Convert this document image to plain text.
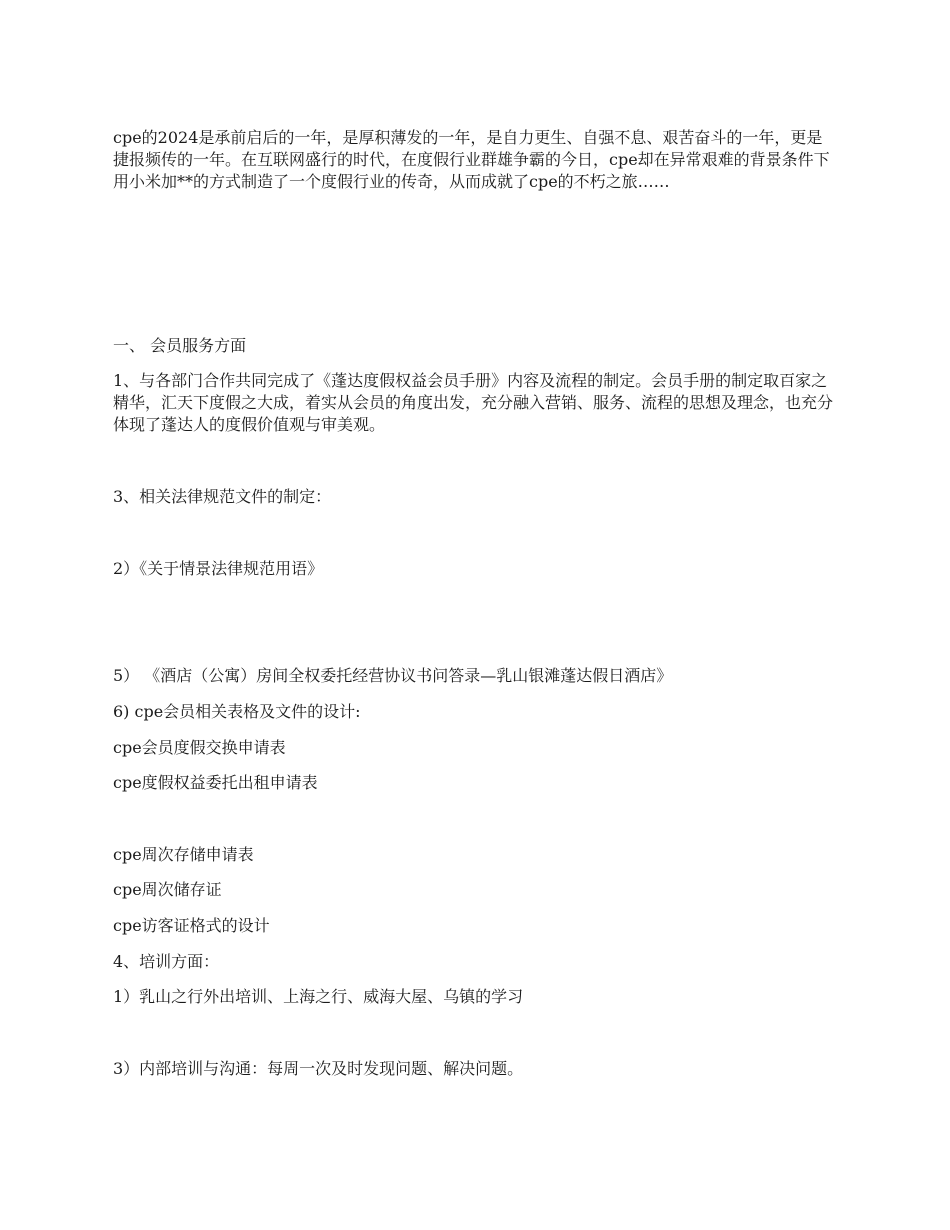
cpe的2024是承前启后的一年，是厚积薄发的一年，是自力更生、自强不息、艰苦奋斗的一年，更是捷报频传的一年。在互联网盛行的时代，在度假行业群雄争霸的今日，cpe却在异常艰难的背景条件下用小米加**的方式制造了一个度假行业的传奇，从而成就了cpe的不朽之旅……

一、 会员服务方面

1、与各部门合作共同完成了《蓬达度假权益会员手册》内容及流程的制定。会员手册的制定取百家之精华，汇天下度假之大成，着实从会员的角度出发，充分融入营销、服务、流程的思想及理念，也充分体现了蓬达人的度假价值观与审美观。

3、相关法律规范文件的制定：

2）《关于情景法律规范用语》

5） 《酒店（公寓）房间全权委托经营协议书问答录—乳山银滩蓬达假日酒店》

6) cpe会员相关表格及文件的设计:

cpe会员度假交换申请表

cpe度假权益委托出租申请表

cpe周次存储申请表

cpe周次储存证

cpe访客证格式的设计

4、培训方面：

1）乳山之行外出培训、上海之行、威海大屋、乌镇的学习

3）内部培训与沟通：每周一次及时发现问题、解决问题。
